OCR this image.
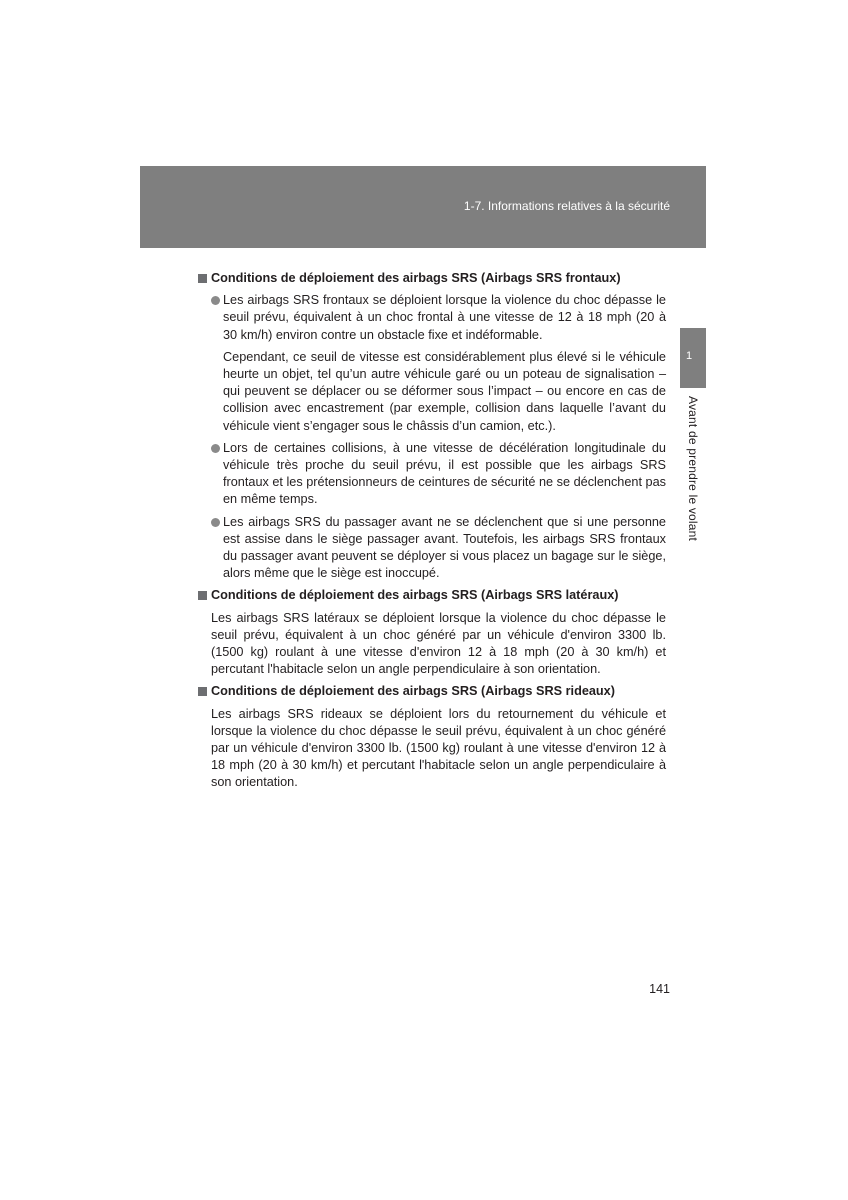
1-7. Informations relatives à la sécurité
1
Avant de prendre le volant
Conditions de déploiement des airbags SRS (Airbags SRS frontaux)
Les airbags SRS frontaux se déploient lorsque la violence du choc dépasse le seuil prévu, équivalent à un choc frontal à une vitesse de 12 à 18 mph (20 à 30 km/h) environ contre un obstacle fixe et indéformable.
Cependant, ce seuil de vitesse est considérablement plus élevé si le véhicule heurte un objet, tel qu’un autre véhicule garé ou un poteau de signalisation – qui peuvent se déplacer ou se déformer sous l’impact – ou encore en cas de collision avec encastrement (par exemple, collision dans laquelle l’avant du véhicule vient s’engager sous le châssis d’un camion, etc.).
Lors de certaines collisions, à une vitesse de décélération longitudinale du véhicule très proche du seuil prévu, il est possible que les airbags SRS frontaux et les prétensionneurs de ceintures de sécurité ne se déclenchent pas en même temps.
Les airbags SRS du passager avant ne se déclenchent que si une personne est assise dans le siège passager avant. Toutefois, les airbags SRS frontaux du passager avant peuvent se déployer si vous placez un bagage sur le siège, alors même que le siège est inoccupé.
Conditions de déploiement des airbags SRS (Airbags SRS latéraux)
Les airbags SRS latéraux se déploient lorsque la violence du choc dépasse le seuil prévu, équivalent à un choc généré par un véhicule d'environ 3300 lb. (1500 kg) roulant à une vitesse d'environ 12 à 18 mph (20 à 30 km/h) et percutant l'habitacle selon un angle perpendiculaire à son orientation.
Conditions de déploiement des airbags SRS (Airbags SRS rideaux)
Les airbags SRS rideaux se déploient lors du retournement du véhicule et lorsque la violence du choc dépasse le seuil prévu, équivalent à un choc généré par un véhicule d'environ 3300 lb. (1500 kg) roulant à une vitesse d'environ 12 à 18 mph (20 à 30 km/h) et percutant l'habitacle selon un angle perpendiculaire à son orientation.
141
